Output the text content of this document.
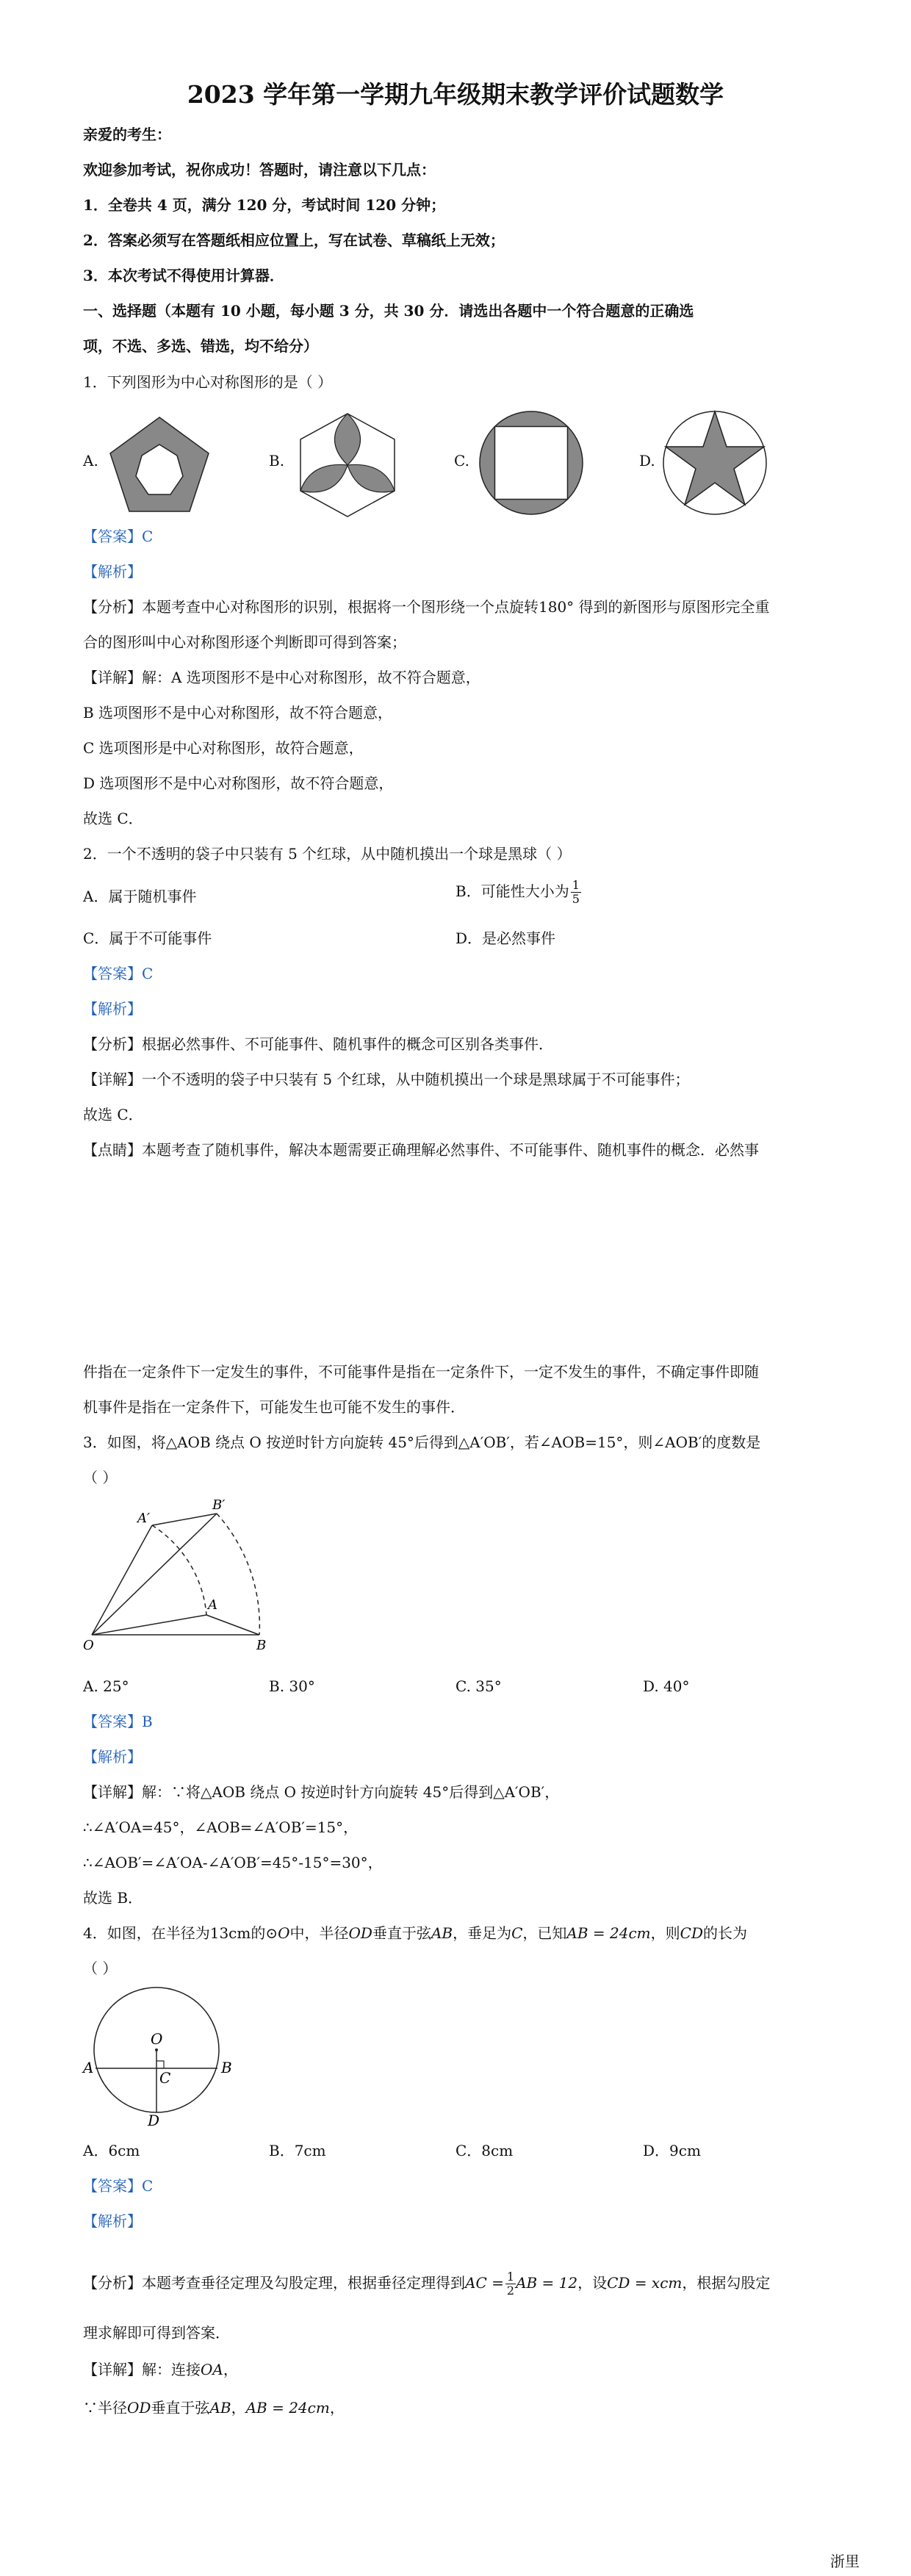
2023 学年第一学期九年级期末教学评价试题数学
亲爱的考生：
欢迎参加考试，祝你成功！答题时，请注意以下几点：
1．全卷共 4 页，满分 120 分，考试时间 120 分钟；
2．答案必须写在答题纸相应位置上，写在试卷、草稿纸上无效；
3．本次考试不得使用计算器．
一、选择题（本题有 10 小题，每小题 3 分，共 30 分．请选出各题中一个符合题意的正确选
项，不选、多选、错选，均不给分）
1．下列图形为中心对称图形的是（ ）
A.	B.	C.	D.
【答案】C
【解析】
【分析】本题考查中心对称图形的识别，根据将一个图形绕一个点旋转180° 得到的新图形与原图形完全重
合的图形叫中心对称图形逐个判断即可得到答案；
【详解】解：A 选项图形不是中心对称图形，故不符合题意，
B 选项图形不是中心对称图形，故不符合题意，
C 选项图形是中心对称图形，故符合题意，
D 选项图形不是中心对称图形，故不符合题意，
故选 C．
2．一个不透明的袋子中只装有 5 个红球，从中随机摸出一个球是黑球（ ）
A．属于随机事件	B．可能性大小为 $\frac{1}{5}$
C．属于不可能事件	D．是必然事件
【答案】C
【解析】
【分析】根据必然事件、不可能事件、随机事件的概念可区别各类事件．
【详解】一个不透明的袋子中只装有 5 个红球，从中随机摸出一个球是黑球属于不可能事件；
故选 C．
【点睛】本题考查了随机事件，解决本题需要正确理解必然事件、不可能事件、随机事件的概念．必然事
件指在一定条件下一定发生的事件，不可能事件是指在一定条件下，一定不发生的事件，不确定事件即随
机事件是指在一定条件下，可能发生也可能不发生的事件．
3．如图，将△AOB 绕点 O 按逆时针方向旋转 45°后得到△A′OB′，若∠AOB=15°，则∠AOB′的度数是
（ ）
O	B
A
A′
B′
A. 25°	B. 30°	C. 35°	D. 40°
【答案】B
【解析】
【详解】解：∵将△AOB 绕点 O 按逆时针方向旋转 45°后得到△A′OB′，
∴∠A′OA=45°，∠AOB=∠A′OB′=15°，
∴∠AOB′=∠A′OA-∠A′OB′=45°-15°=30°，
故选 B．
4．如图，在半径为13cm的⊙O中，半径OD垂直于弦AB，垂足为C，已知AB = 24cm，则CD的长为
（ ）
O
A	B
C
D
A．6cm	B．7cm	C．8cm	D．9cm
【答案】C
【解析】
【分析】本题考查垂径定理及勾股定理，根据垂径定理得到AC = $\frac{1}{2}$ AB = 12，设CD = xcm，根据勾股定
理求解即可得到答案．
【详解】解：连接OA，
∵半径OD垂直于弦AB，AB = 24cm，
浙里
